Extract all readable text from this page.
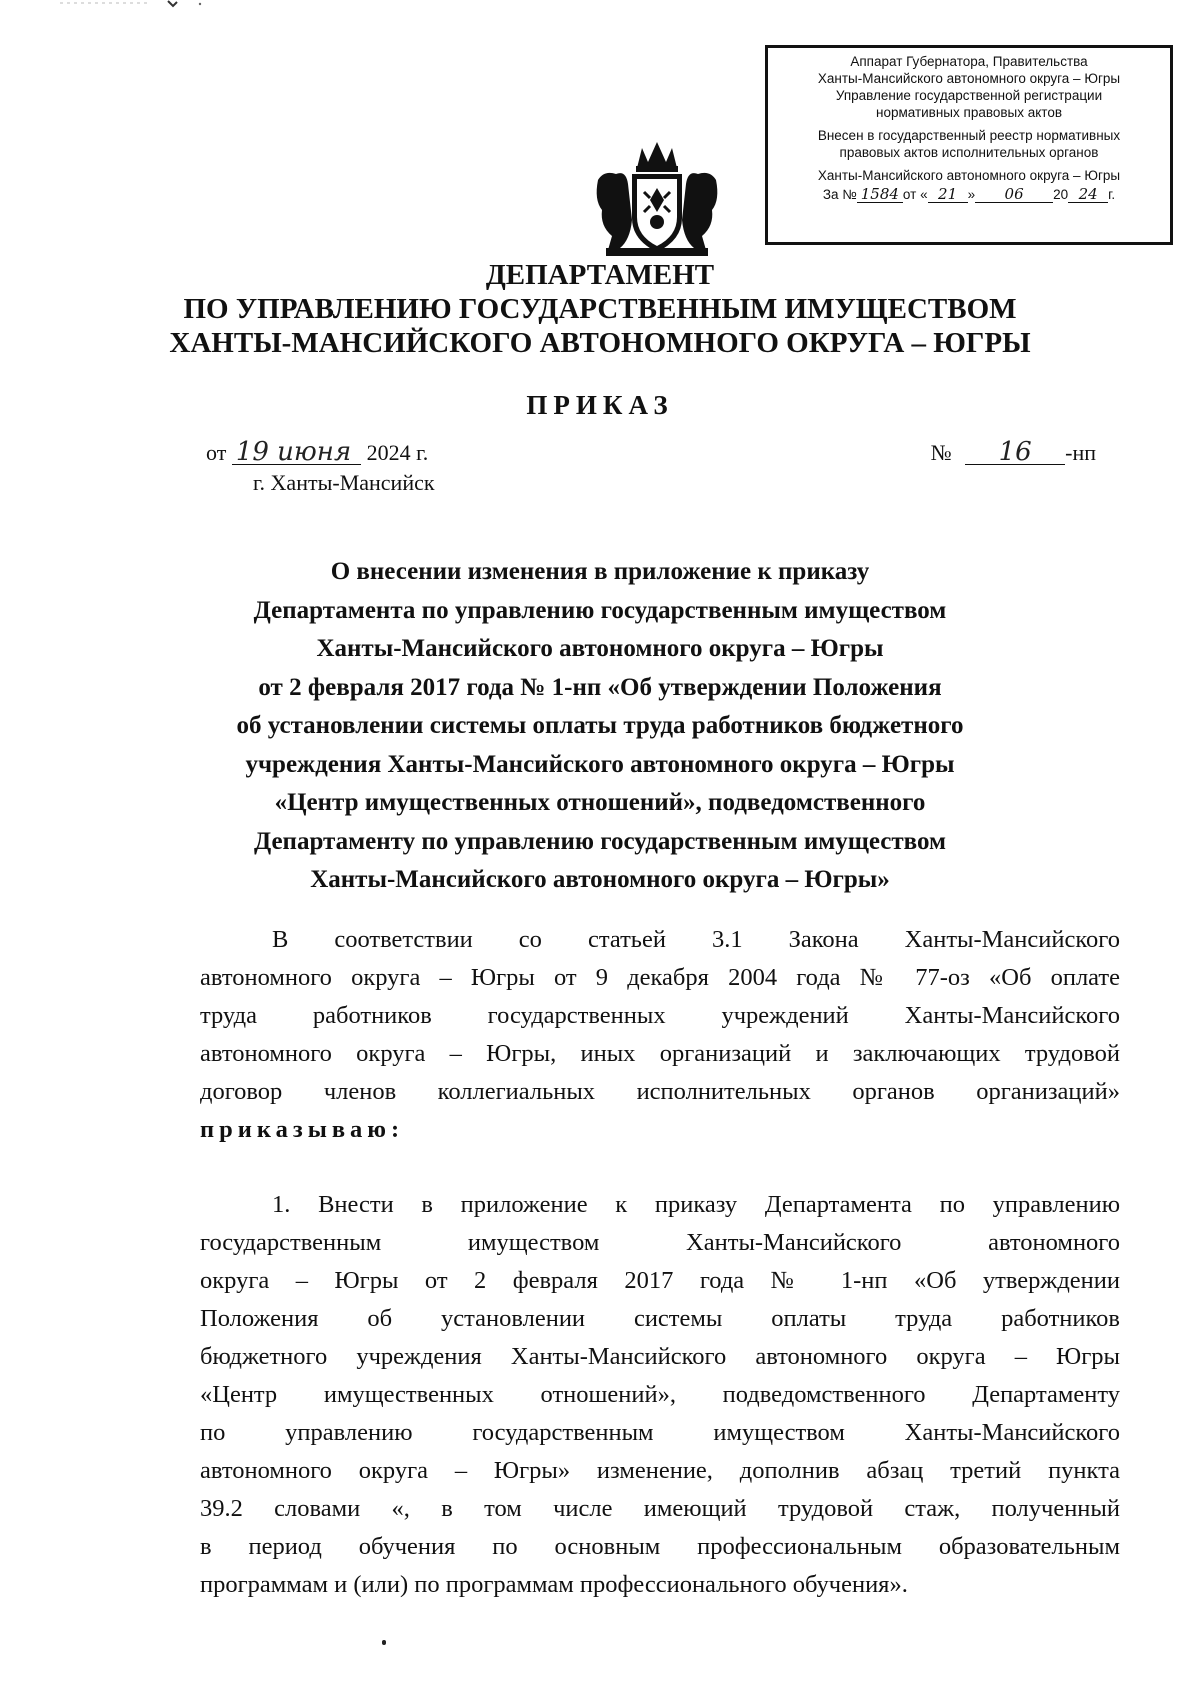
Аппарат Губернатора, Правительства
Ханты-Мансийского автономного округа – Югры
Управление государственной регистрации
нормативных правовых актов
Внесен в государственный реестр нормативных
правовых актов исполнительных органов
Ханты-Мансийского автономного округа – Югры
За № 1584 от « 21 »	06	20 24 г.
ДЕПАРТАМЕНТ
ПО УПРАВЛЕНИЮ ГОСУДАРСТВЕННЫМ ИМУЩЕСТВОМ
ХАНТЫ-МАНСИЙСКОГО АВТОНОМНОГО ОКРУГА – ЮГРЫ
ПРИКАЗ
от 19 июня 2024 г.
г. Ханты-Мансийск
№ 16 -нп
О внесении изменения в приложение к приказу
Департамента по управлению государственным имуществом
Ханты-Мансийского автономного округа – Югры
от 2 февраля 2017 года № 1-нп «Об утверждении Положения
об установлении системы оплаты труда работников бюджетного
учреждения Ханты-Мансийского автономного округа – Югры
«Центр имущественных отношений», подведомственного
Департаменту по управлению государственным имуществом
Ханты-Мансийского автономного округа – Югры»
В соответствии со статьей 3.1 Закона Ханты-Мансийского
автономного округа – Югры от 9 декабря 2004 года № 77-оз «Об оплате
труда работников государственных учреждений Ханты-Мансийского
автономного округа – Югры, иных организаций и заключающих трудовой
договор членов коллегиальных исполнительных органов организаций»
приказываю:
1. Внести в приложение к приказу Департамента по управлению
государственным имуществом Ханты-Мансийского автономного
округа – Югры от 2 февраля 2017 года № 1-нп «Об утверждении
Положения об установлении системы оплаты труда работников
бюджетного учреждения Ханты-Мансийского автономного округа – Югры
«Центр имущественных отношений», подведомственного Департаменту
по управлению государственным имуществом Ханты-Мансийского
автономного округа – Югры» изменение, дополнив абзац третий пункта
39.2 словами «, в том числе имеющий трудовой стаж, полученный
в период обучения по основным профессиональным образовательным
программам и (или) по программам профессионального обучения».
